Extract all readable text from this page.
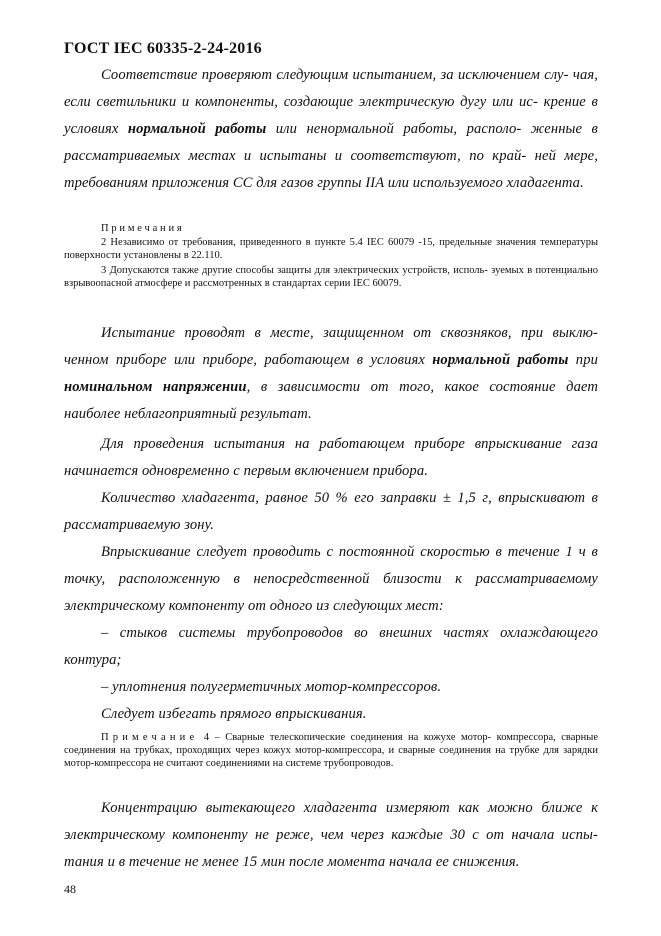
ГОСТ IEC 60335-2-24-2016

Соответствие проверяют следующим испытанием, за исключением слу- чая, если светильники и компоненты, создающие электрическую дугу или ис- крение в условиях нормальной работы или ненормальной работы, располо- женные в рассматриваемых местах и испытаны и соответствуют, по край- ней мере, требованиям приложения СС для газов группы IIA или используемого хладагента.

Примечания

2 Независимо от требования, приведенного в пункте 5.4 IEC 60079 -15, предельные значения температуры поверхности установлены в 22.110.

3 Допускаются также другие способы защиты для электрических устройств, исполь- зуемых в потенциально взрывоопасной атмосфере и рассмотренных в стандартах серии IEC 60079.

Испытание проводят в месте, защищенном от сквозняков, при выклю- ченном приборе или приборе, работающем в условиях нормальной работы при номинальном напряжении, в зависимости от того, какое состояние дает наиболее неблагоприятный результат.

Для проведения испытания на работающем приборе впрыскивание газа начинается одновременно с первым включением прибора.

Количество хладагента, равное 50 % его заправки ± 1,5 г, впрыскивают в рассматриваемую зону.

Впрыскивание следует проводить с постоянной скоростью в течение 1 ч в точку, расположенную в непосредственной близости к рассматриваемому электрическому компоненту от одного из следующих мест:

– стыков системы трубопроводов во внешних частях охлаждающего контура;

– уплотнения полугерметичных мотор-компрессоров.

Следует избегать прямого впрыскивания.

Примечание 4 – Сварные телескопические соединения на кожухе мотор- компрессора, сварные соединения на трубках, проходящих через кожух мотор-компрессора, и сварные соединения на трубке для зарядки мотор-компрессора не считают соединениями на системе трубопроводов.

Концентрацию вытекающего хладагента измеряют как можно ближе к электрическому компоненту не реже, чем через каждые 30 с от начала испы- тания и в течение не менее 15 мин после момента начала ее снижения.

48
